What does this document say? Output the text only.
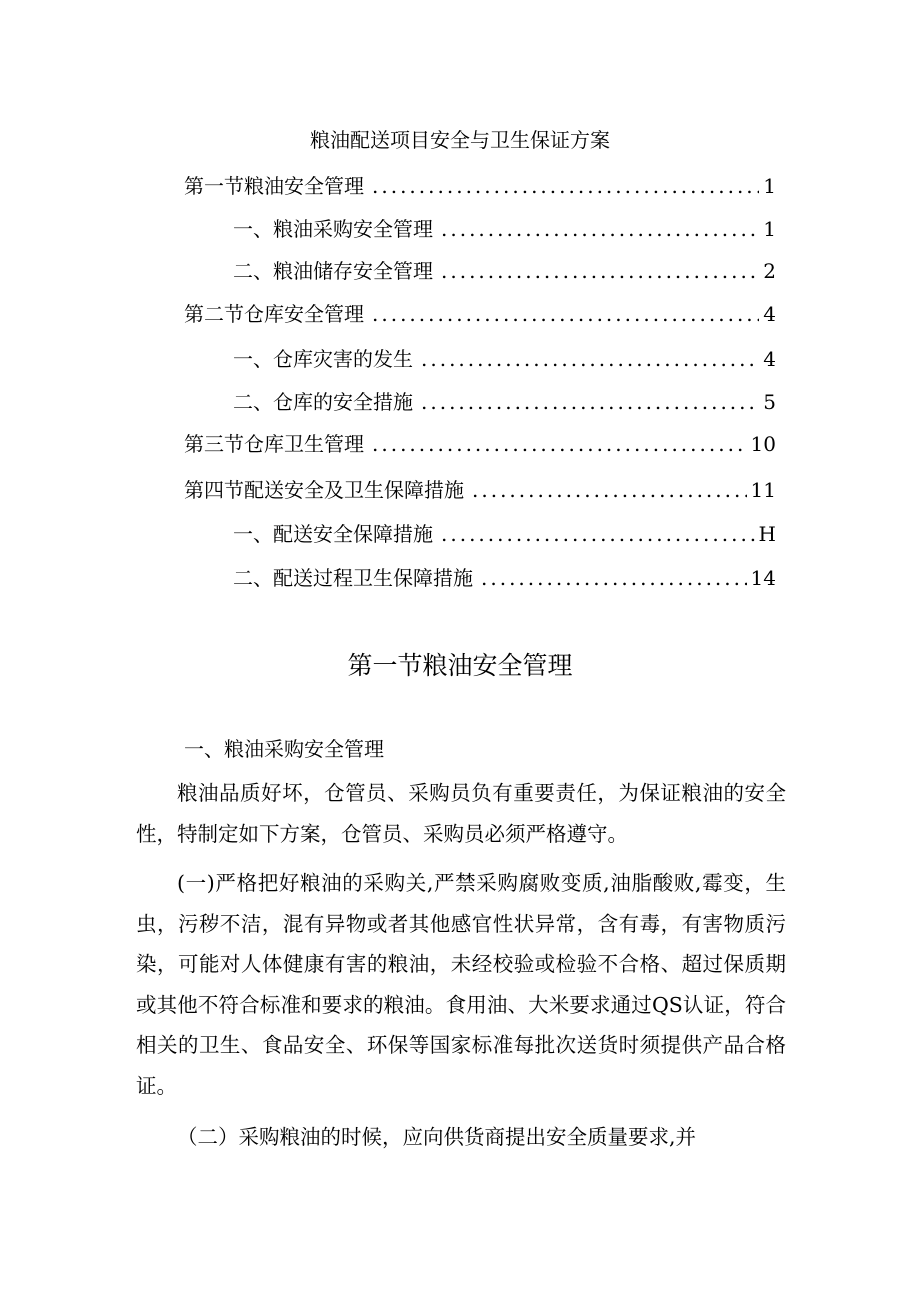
粮油配送项目安全与卫生保证方案
第一节粮油安全管理 .....	1
一、粮油采购安全管理 .....	1
二、粮油储存安全管理 .....	2
第二节仓库安全管理 .....	4
一、仓库灾害的发生 .....	4
二、仓库的安全措施 .....	5
第三节仓库卫生管理 .....	10
第四节配送安全及卫生保障措施 .....	11
一、配送安全保障措施 .....	H
二、配送过程卫生保障措施 .....	14
第一节粮油安全管理
一、粮油采购安全管理

粮油品质好坏，仓管员、采购员负有重要责任，为保证粮油的安全性，特制定如下方案，仓管员、采购员必须严格遵守。

(一)严格把好粮油的采购关,严禁采购腐败变质,油脂酸败,霉变，生虫，污秽不洁，混有异物或者其他感官性状异常，含有毒，有害物质污染，可能对人体健康有害的粮油，未经校验或检验不合格、超过保质期或其他不符合标准和要求的粮油。食用油、大米要求通过QS认证，符合相关的卫生、食品安全、环保等国家标准每批次送货时须提供产品合格证。

（二）采购粮油的时候，应向供货商提出安全质量要求,并
